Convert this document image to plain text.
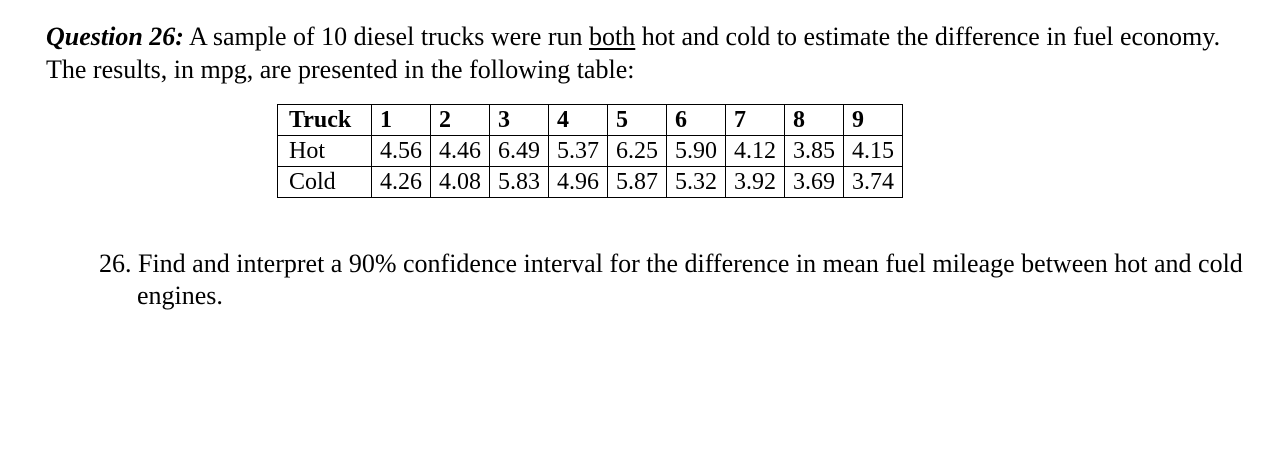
Question 26: A sample of 10 diesel trucks were run both hot and cold to estimate the difference in fuel economy. The results, in mpg, are presented in the following table:

Truck	1	2	3	4	5	6	7	8	9
Hot	4.56	4.46	6.49	5.37	6.25	5.90	4.12	3.85	4.15
Cold	4.26	4.08	5.83	4.96	5.87	5.32	3.92	3.69	3.74

26. Find and interpret a 90% confidence interval for the difference in mean fuel mileage between hot and cold engines.
